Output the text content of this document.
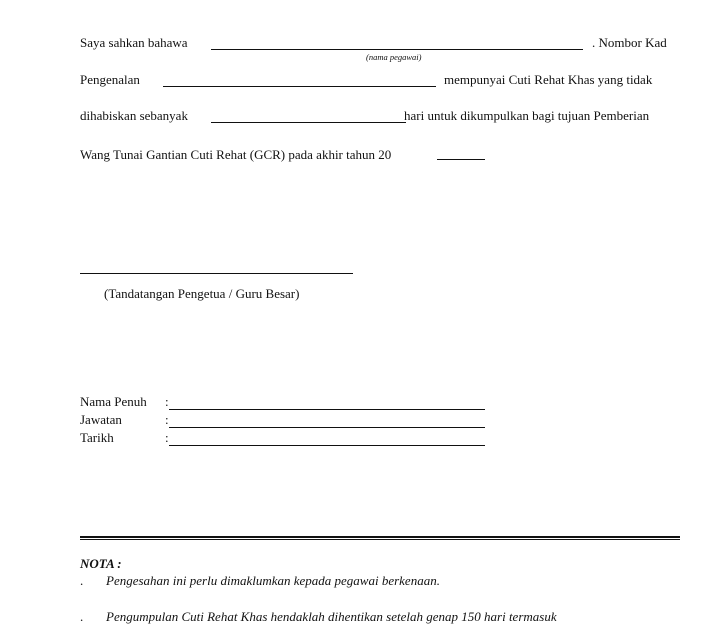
Saya sahkan bahawa
(nama pegawai)
. Nombor Kad
Pengenalan	mempunyai Cuti Rehat Khas yang tidak
dihabiskan sebanyak	hari untuk dikumpulkan bagi tujuan Pemberian
Wang Tunai Gantian Cuti Rehat (GCR) pada akhir tahun 20
(Tandatangan Pengetua / Guru Besar)
Nama Penuh :
Jawatan	:
Tarikh	:
NOTA :
. Pengesahan ini perlu dimaklumkan kepada pegawai berkenaan.
. Pengumpulan Cuti Rehat Khas hendaklah dihentikan setelah genap 150 hari termasuk
